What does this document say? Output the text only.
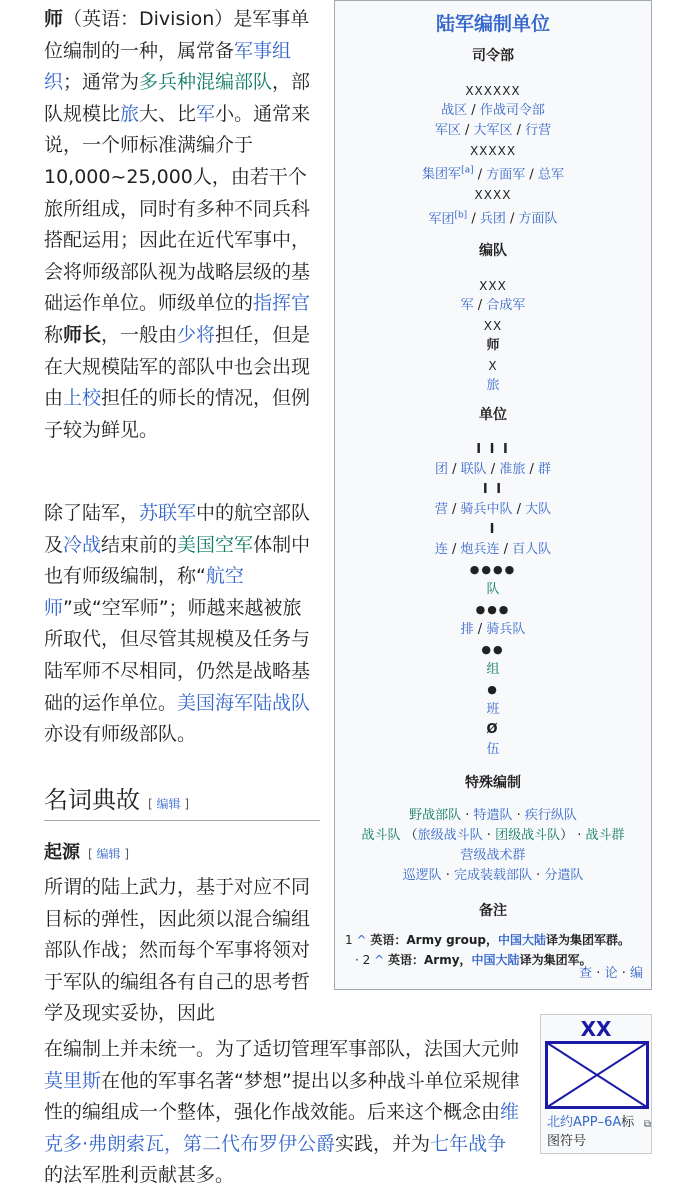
师（英语：Division）是军事单位编制的一种，属常备军事组织；通常为多兵种混编部队，部队规模比旅大、比军小。通常来说，一个师标准满编介于10,000~25,000人，由若干个旅所组成，同时有多种不同兵科搭配运用；因此在近代军事中，会将师级部队视为战略层级的基础运作单位。师级单位的指挥官称师长，一般由少将担任，但是在大规模陆军的部队中也会出现由上校担任的师长的情况，但例子较为鲜见。

除了陆军，苏联军中的航空部队及冷战结束前的美国空军体制中也有师级编制，称“航空师”或“空军师”；师越来越被旅所取代，但尽管其规模及任务与陆军师不尽相同，仍然是战略基础的运作单位。美国海军陆战队亦设有师级部队。

名词典故 [ 编辑 ]
起源 [ 编辑 ]

所谓的陆上武力，基于对应不同目标的弹性，因此须以混合编组部队作战；然而每个军事将领对于军队的编组各有自己的思考哲学及现实妥协，因此

在编制上并未统一。为了适切管理军事部队，法国大元帅莫里斯在他的军事名著“梦想”提出以多种战斗单位采规律性的编组成一个整体，强化作战效能。后来这个概念由维克多·弗朗索瓦，第二代布罗伊公爵实践，并为七年战争的法军胜利贡献甚多。

陆军编制单位
司令部
XXXXXX
战区 / 作战司令部
军区 / 大军区 / 行营
XXXXX
集团军[a] / 方面军 / 总军
XXXX
军团[b] / 兵团 / 方面队
编队
XXX
军 / 合成军
XX
师
X
旅
单位
I I I
团 / 联队 / 准旅 / 群
I I
营 / 骑兵中队 / 大队
I
连 / 炮兵连 / 百人队
●●●●
队
●●●
排 / 骑兵队
●●
组
●
班
Ø
伍
特殊编制
野战部队 · 特遣队 · 疾行纵队
战斗队 （旅级战斗队 · 团级战斗队） · 战斗群
营级战术群
巡逻队 · 完成装载部队 · 分遣队
备注
1 ^ 英语：Army group，中国大陆译为集团军群。
· 2 ^ 英语：Army，中国大陆译为集团军。
查 · 论 · 编
XX
北约APP–6A ⧉
标图符号
